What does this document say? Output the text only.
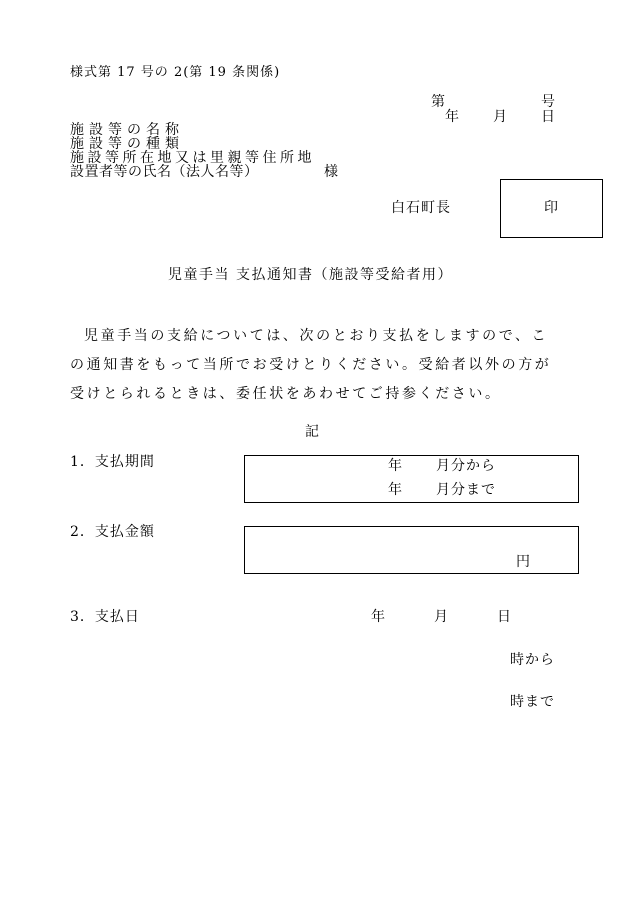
様式第 17 号の 2(第 19 条関係)
第	号
年 月 日
施設等の名称
施設等の種類
施設等所在地又は里親等住所地
設置者等の氏名（法人名等）	様
白石町長	印
児童手当 支払通知書（施設等受給者用）
児童手当の支給については、次のとおり支払をしますので、この通知書をもって当所でお受けとりください。受給者以外の方が受けとられるときは、委任状をあわせてご持参ください。
記
1．支払期間	年 月分から
年 月分まで
2．支払金額
円
3．支払日	年	月	日
時から
時まで
